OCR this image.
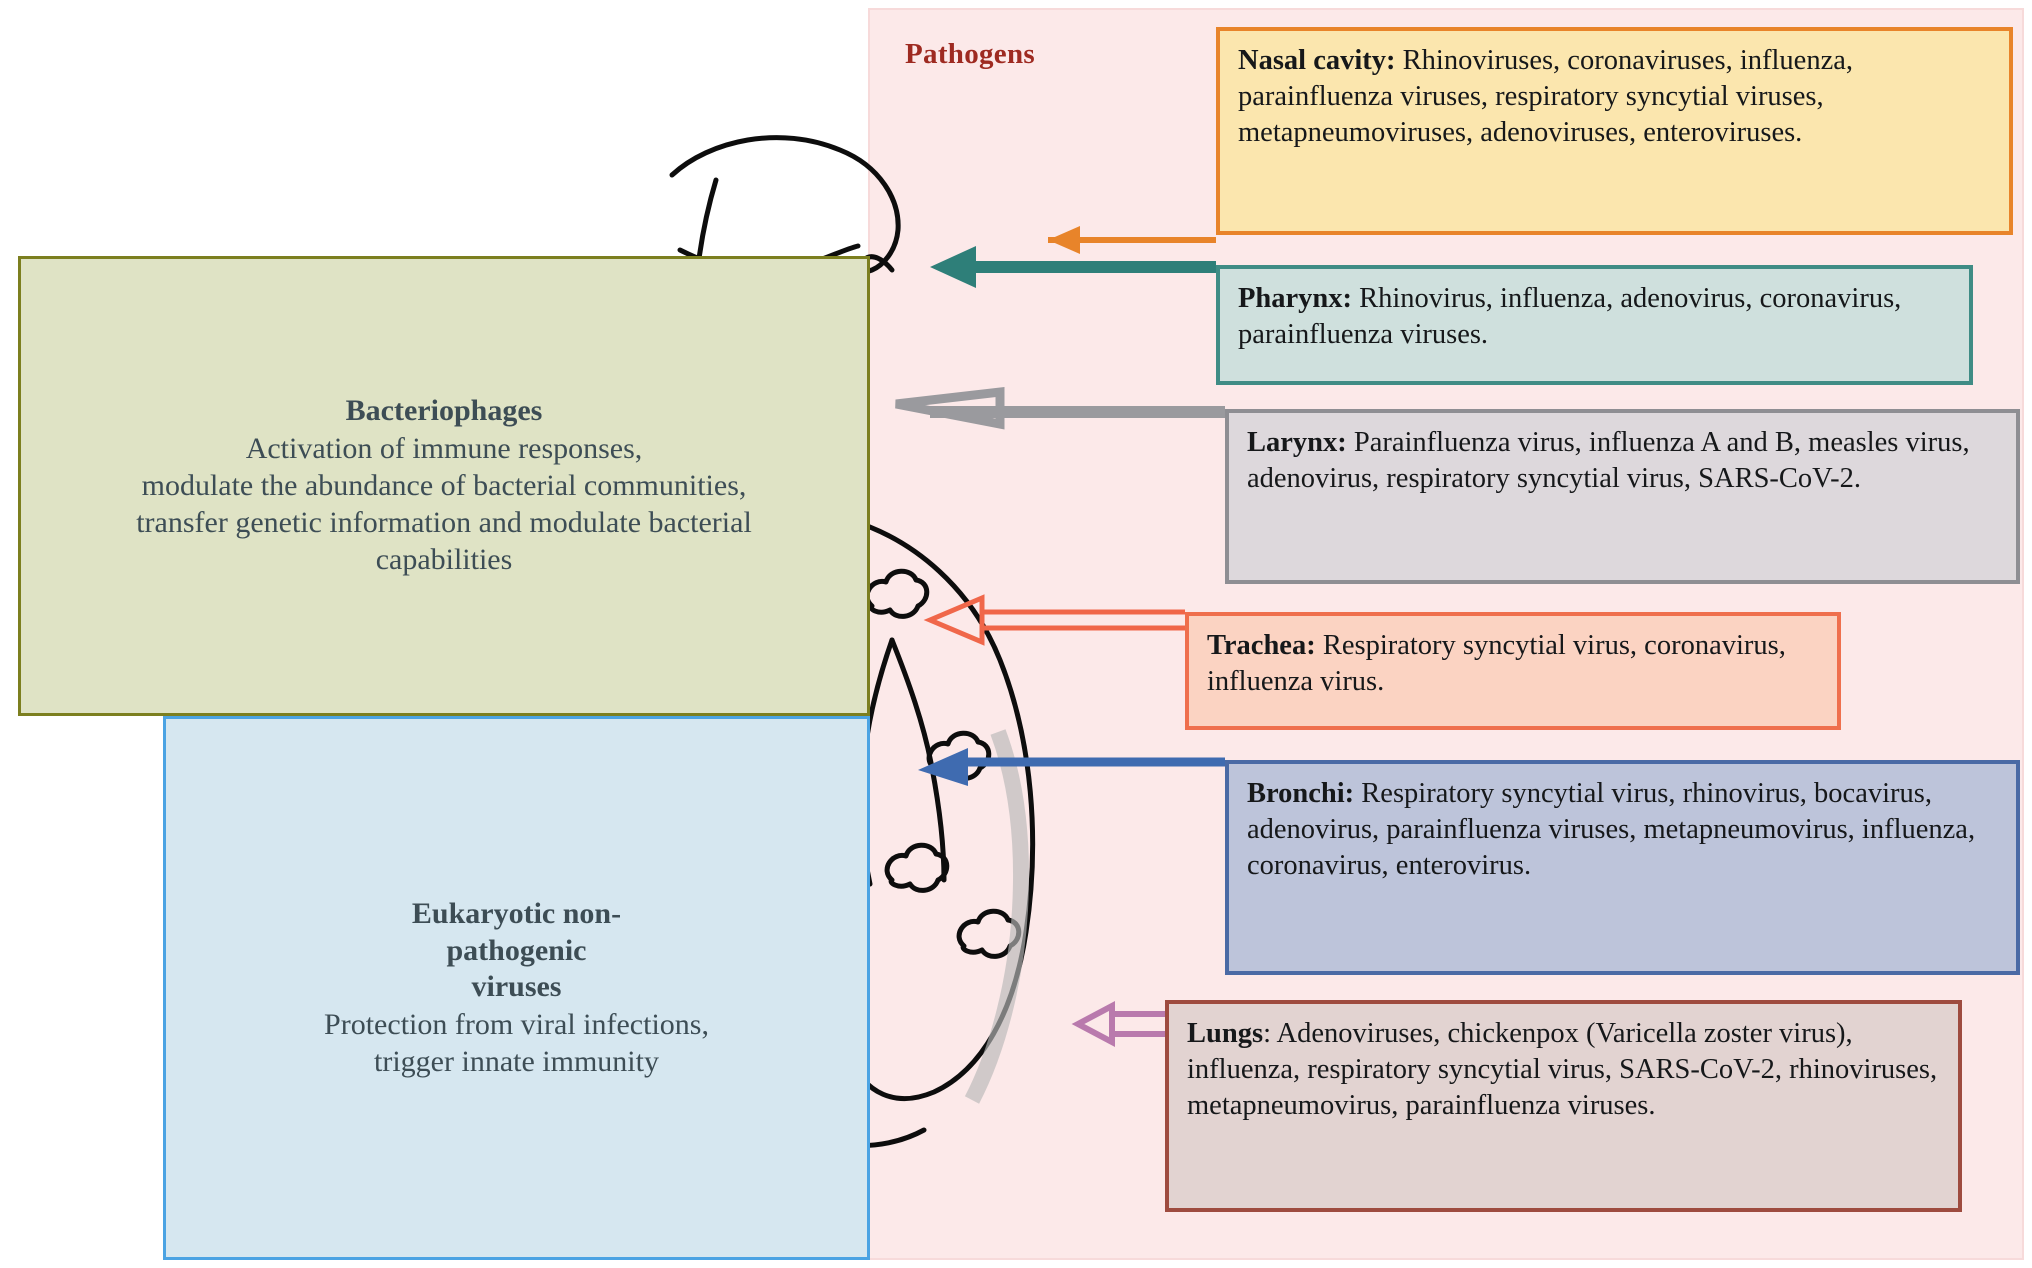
Pathogens
Bacteriophages
Activation of immune responses,
modulate the abundance of bacterial communities,
transfer genetic information and modulate bacterial capabilities
Eukaryotic non-
pathogenic
viruses
Protection from viral infections, trigger innate immunity
Nasal cavity: Rhinoviruses, coronaviruses, influenza, parainfluenza viruses, respiratory syncytial viruses, metapneumoviruses, adenoviruses, enteroviruses.
Pharynx: Rhinovirus, influenza, adenovirus, coronavirus, parainfluenza viruses.
Larynx: Parainfluenza virus, influenza A and B, measles virus, adenovirus, respiratory syncytial virus, SARS-CoV-2.
Trachea: Respiratory syncytial virus, coronavirus, influenza virus.
Bronchi: Respiratory syncytial virus, rhinovirus, bocavirus, adenovirus, parainfluenza viruses, metapneumovirus, influenza, coronavirus, enterovirus.
Lungs: Adenoviruses, chickenpox (Varicella zoster virus), influenza, respiratory syncytial virus, SARS-CoV-2, rhinoviruses, metapneumovirus, parainfluenza viruses.
